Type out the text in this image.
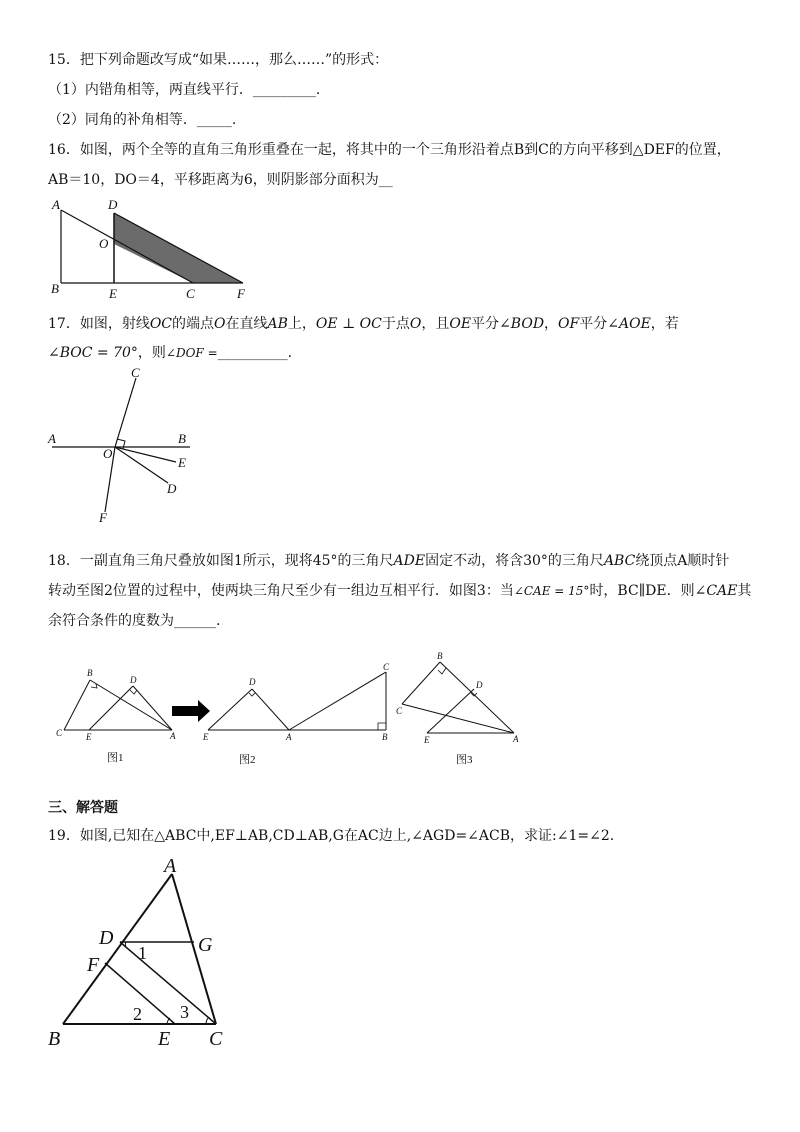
15．把下列命题改写成“如果……，那么……”的形式：
（1）内错角相等，两直线平行．_________.
（2）同角的补角相等．_____.
16．如图，两个全等的直角三角形重叠在一起，将其中的一个三角形沿着点B到C的方向平移到△DEF的位置，
AB＝10，DO＝4，平移距离为6，则阴影部分面积为__
A	D
O
B	E	C	F
17．如图，射线OC的端点O在直线AB上，OE ⊥ OC于点O，且OE平分∠BOD，OF平分∠AOE，若
∠BOC = 70°，则∠DOF =__________.
C
A	B
O
E
D
F
18．一副直角三角尺叠放如图1所示，现将45°的三角尺ADE固定不动，将含30°的三角尺ABC绕顶点A顺时针
转动至图2位置的过程中，使两块三角尺至少有一组边互相平行．如图3：当∠CAE = 15°时，BC∥DE．则∠CAE其
余符合条件的度数为______.
B
D
C	E	A
图1
D
C
E	A	B
图2
B
D
C
E	A
图3
三、解答题
19．如图,已知在△ABC中,EF⊥AB,CD⊥AB,G在AC边上,∠AGD=∠ACB，求证:∠1=∠2.
A
D	G
F
B	E C
1
2 3
